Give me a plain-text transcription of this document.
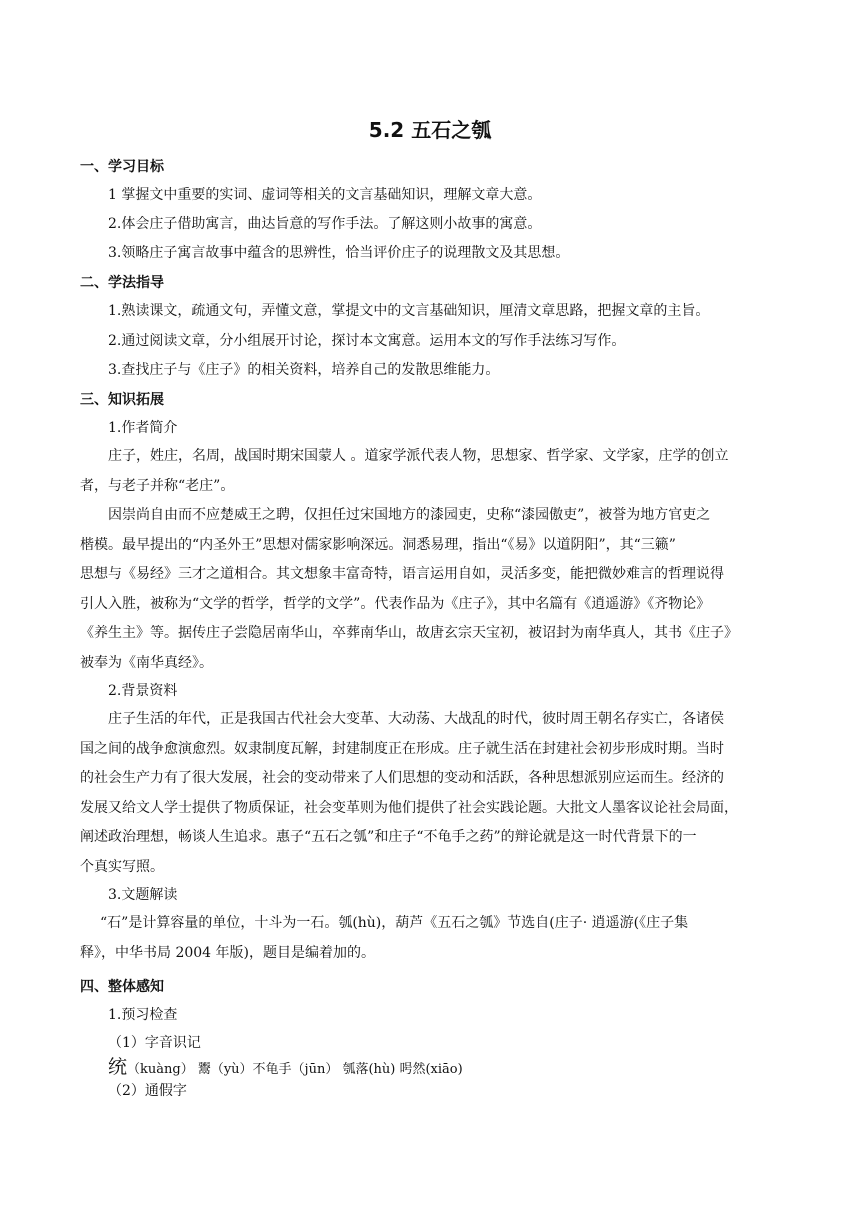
5.2 五石之瓠
一、学习目标
1 掌握文中重要的实词、虚词等相关的文言基础知识，理解文章大意。
2.体会庄子借助寓言，曲达旨意的写作手法。了解这则小故事的寓意。
3.领略庄子寓言故事中蕴含的思辨性，恰当评价庄子的说理散文及其思想。
二、学法指导
1.熟读课文，疏通文句，弄懂文意，掌提文中的文言基础知识，厘清文章思路，把握文章的主旨。
2.通过阅读文章，分小组展开讨论，探讨本文寓意。运用本文的写作手法练习写作。
3.查找庄子与《庄子》的相关资料，培养自己的发散思维能力。
三、知识拓展
1.作者简介
庄子，姓庄，名周，战国时期宋国蒙人 。道家学派代表人物，思想家、哲学家、文学家，庄学的创立
者，与老子并称“老庄”。
因崇尚自由而不应楚威王之聘，仅担任过宋国地方的漆园吏，史称“漆园傲吏”，被誉为地方官吏之
楷模。最早提出的“内圣外王”思想对儒家影响深远。洞悉易理，指出“《易》以道阴阳”，其“三籁”
思想与《易经》三才之道相合。其文想象丰富奇特，语言运用自如，灵活多变，能把微妙难言的哲理说得
引人入胜，被称为“文学的哲学，哲学的文学”。代表作品为《庄子》，其中名篇有《逍遥游》《齐物论》
《养生主》等。据传庄子尝隐居南华山，卒葬南华山，故唐玄宗天宝初，被诏封为南华真人，其书《庄子》
被奉为《南华真经》。
2.背景资料
庄子生活的年代，正是我国古代社会大变革、大动荡、大战乱的时代，彼时周王朝名存实亡，各诸侯
国之间的战争愈演愈烈。奴隶制度瓦解，封建制度正在形成。庄子就生活在封建社会初步形成时期。当时
的社会生产力有了很大发展，社会的变动带来了人们思想的变动和活跃，各种思想派别应运而生。经济的
发展又给文人学士提供了物质保证，社会变革则为他们提供了社会实践论题。大批文人墨客议论社会局面，
阐述政治理想，畅谈人生追求。惠子“五石之瓠”和庄子“不龟手之药”的辩论就是这一时代背景下的一
个真实写照。
3.文题解读
“石”是计算容量的单位，十斗为一石。瓠(hù)，葫芦《五石之瓠》节选自(庄子· 逍遥游(《庄子集
释》，中华书局 2004 年版)，题目是编着加的。
四、整体感知
1.预习检查
（1）字音识记
统（kuàng） 鬻（yù）不龟手（jūn） 瓠落(hù) 呺然(xiāo)
（2）通假字
